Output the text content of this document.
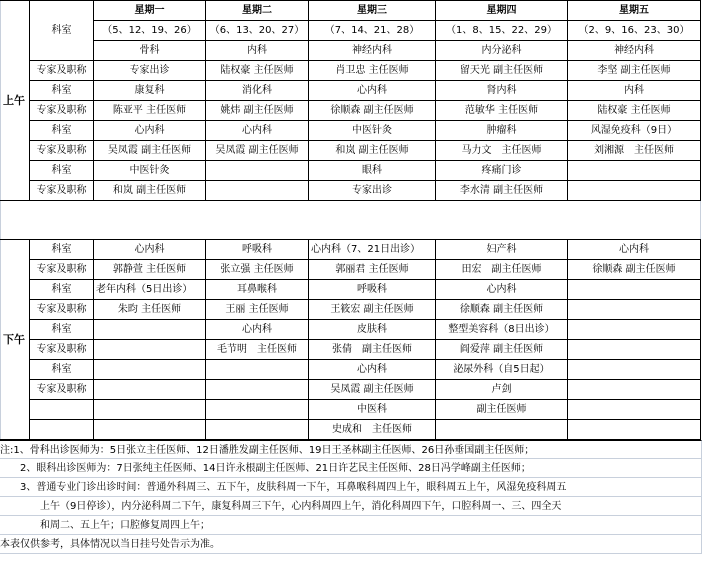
上午	科室	星期一	星期二	星期三	星期四	星期五
		（5、12、19、26）	（6、13、20、27）	（7、14、21、28）	（1、8、15、22、29）	（2、9、16、23、30）
		骨科	内科	神经内科	内分泌科	神经内科
	专家及职称	专家出诊	陆权豪 主任医师	肖卫忠 主任医师	留天光 副主任医师	李坚 副主任医师
	科室	康复科	消化科	心内科	肾内科	内科
	专家及职称	陈亚平 主任医师	姚炜 副主任医师	徐顺森 副主任医师	范敏华 主任医师	陆权豪 主任医师
	科室	心内科	心内科	中医针灸	肿瘤科	风湿免疫科（9日）
	专家及职称	吴凤霞 副主任医师	吴凤霞 副主任医师	和岚 副主任医师	马力文　主任医师	刘湘源　主任医师
	科室	中医针灸		眼科	疼痛门诊	
	专家及职称	和岚 副主任医师		专家出诊	李水清 副主任医师	

下午	科室	心内科	呼吸科	心内科（7、21日出诊）	妇产科	心内科
	专家及职称	郭静萱 主任医师	张立强 主任医师	郭丽君 主任医师	田宏　副主任医师	徐顺森 副主任医师
	科室	老年内科（5日出诊）	耳鼻喉科	呼吸科	心内科	
	专家及职称	朱昀 主任医师	王丽 主任医师	王筱宏 副主任医师	徐顺森 副主任医师	
	科室		心内科	皮肤科	整型美容科（8日出诊）	
	专家及职称		毛节明　主任医师	张倩　副主任医师	阎爱萍 副主任医师	
	科室			心内科	泌尿外科（自5日起）	
	专家及职称			吴凤霞 副主任医师	卢剑	
				中医科	副主任医师	
				史成和　主任医师		
注:1、骨科出诊医师为：5日张立主任医师、12日潘胜发副主任医师、19日王圣林副主任医师、26日孙垂国副主任医师；
2、眼科出诊医师为：7日张纯主任医师、14日许永根副主任医师、21日许艺民主任医师、28日冯学峰副主任医师；
3、普通专业门诊出诊时间：普通外科周三、五下午，皮肤科周一下午，耳鼻喉科周四上午，眼科周五上午，风湿免疫科周五
上午（9日停诊），内分泌科周二下午，康复科周三下午，心内科周四上午，消化科周四下午，口腔科周一、三、四全天
和周二、五上午；口腔修复周四上午；
本表仅供参考，具体情况以当日挂号处告示为准。
